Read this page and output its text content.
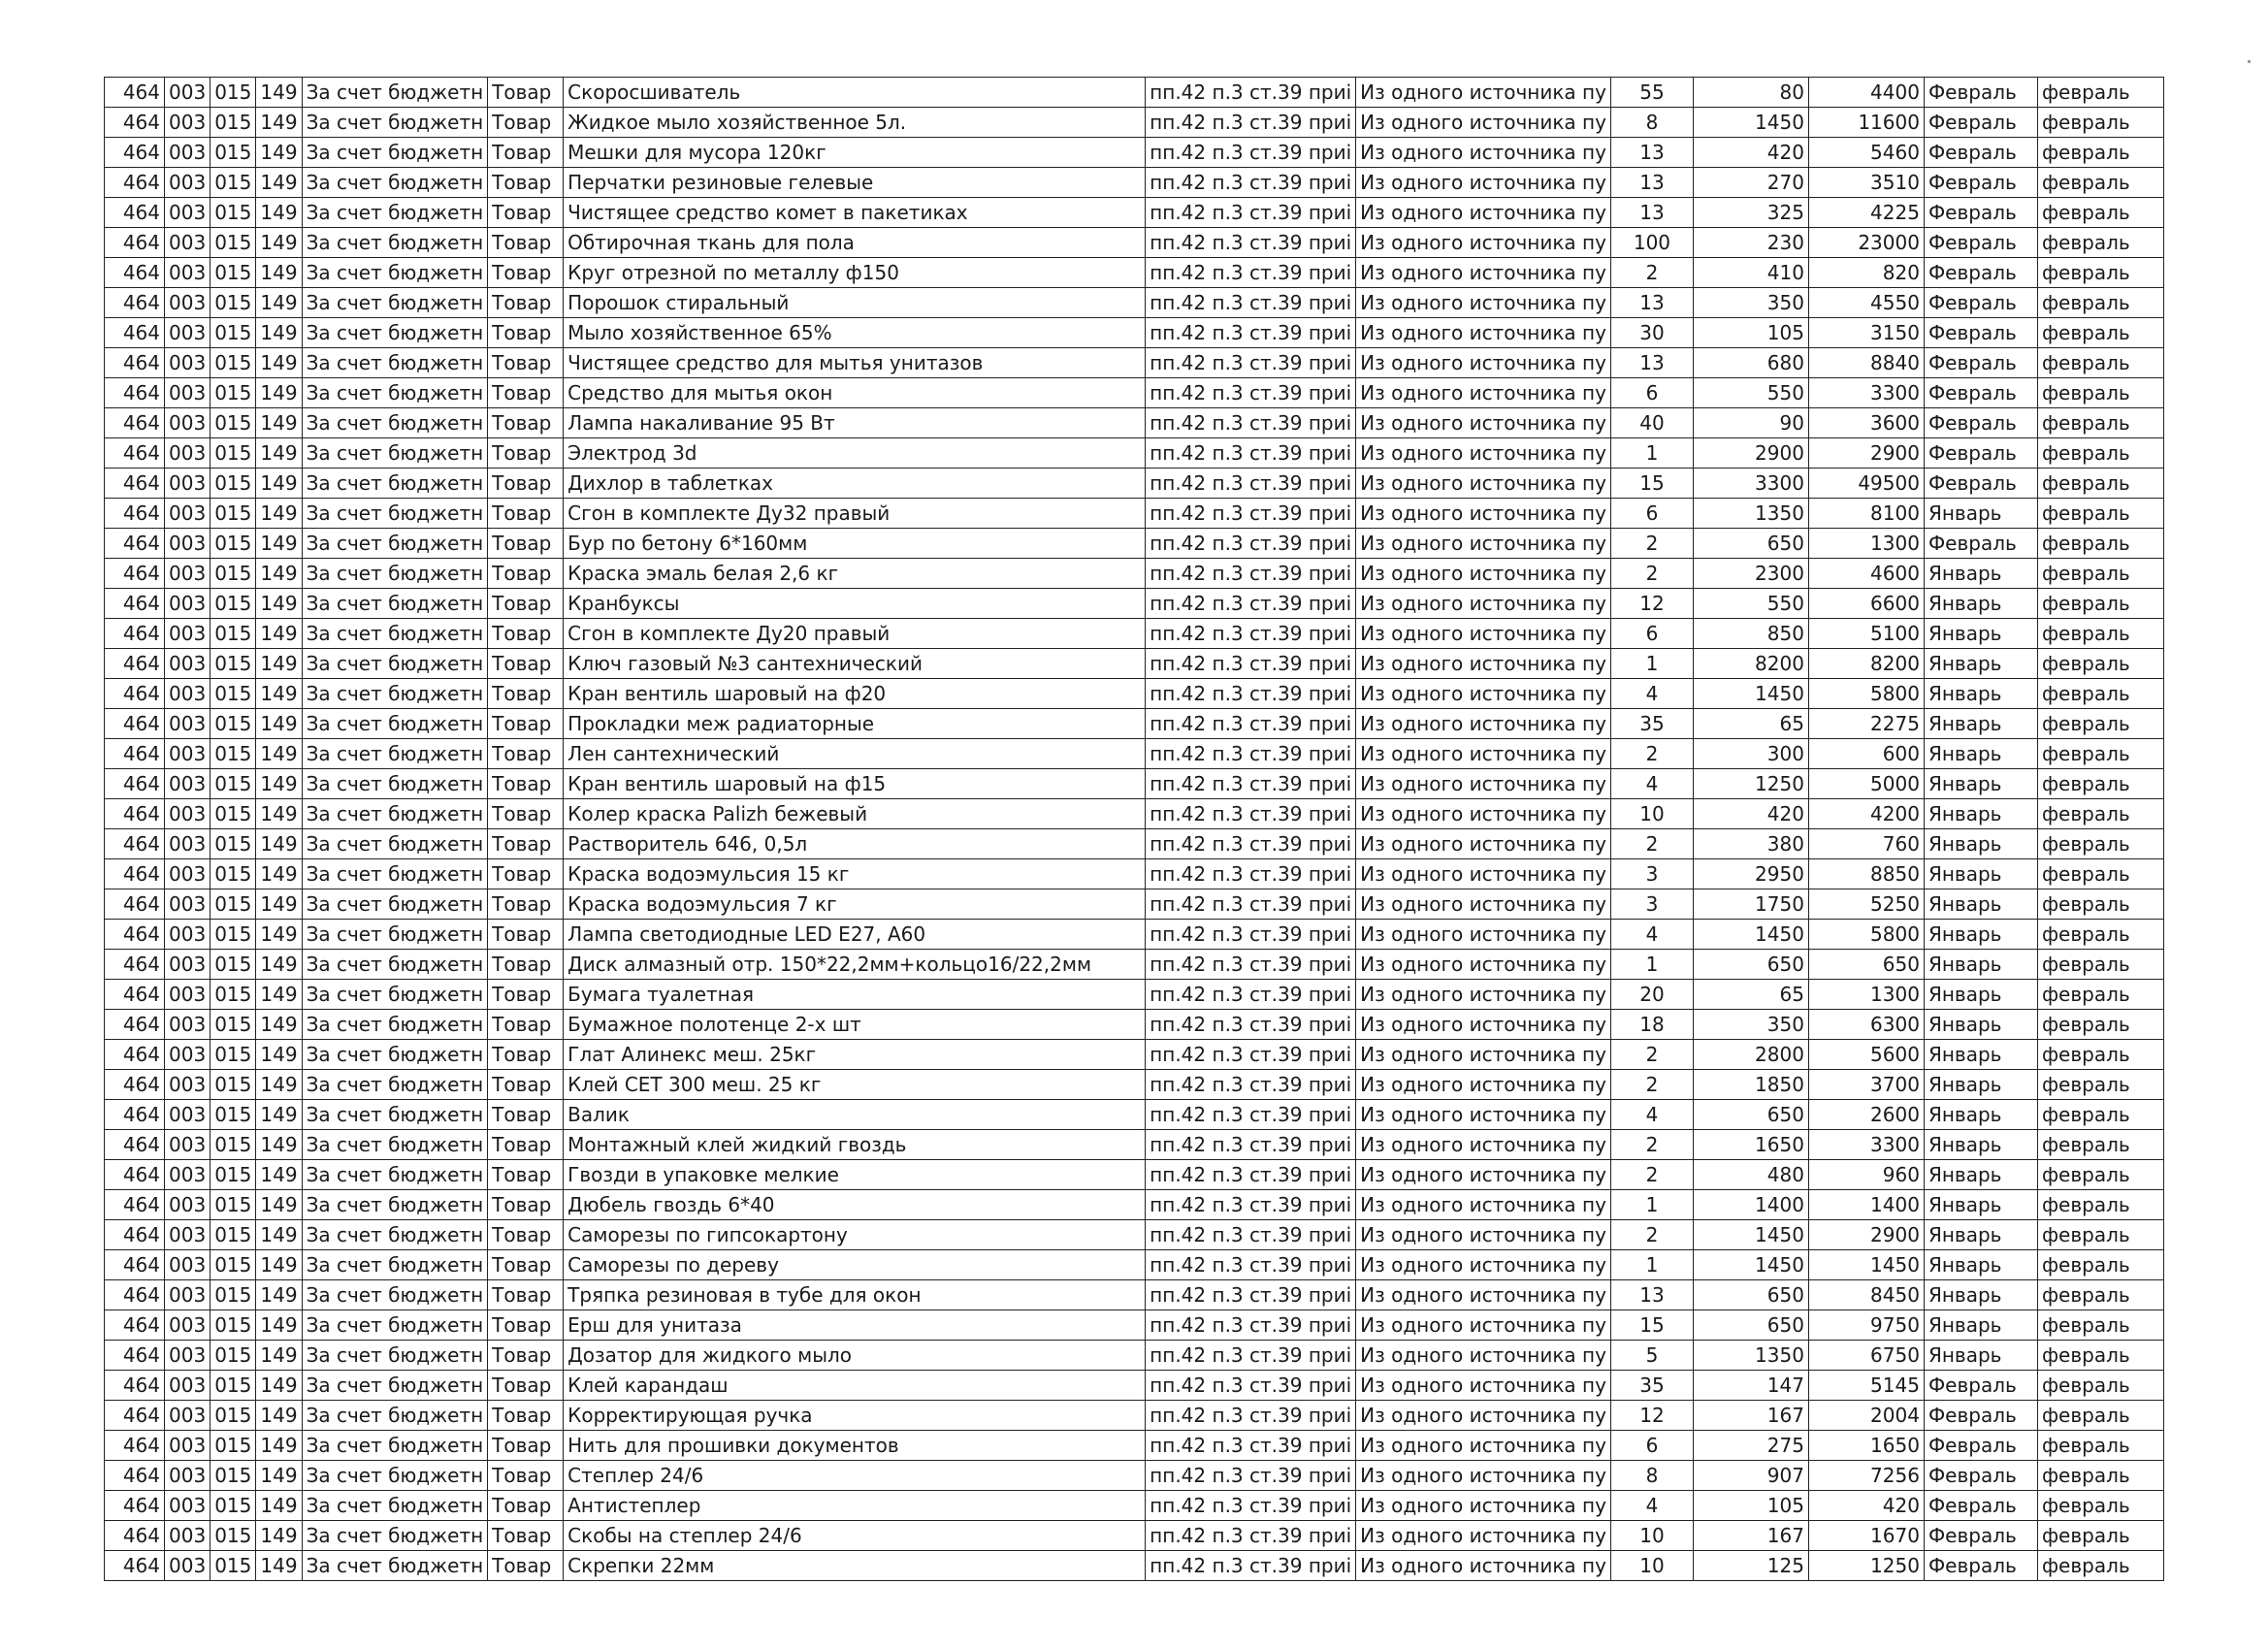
464	003	015	149	За счет бюджетн	Товар	Скоросшиватель	пп.42 п.3 ст.39 приі	Из одного источника пу	55	80	4400	Февраль	февраль
464	003	015	149	За счет бюджетн	Товар	Жидкое мыло хозяйственное 5л.	пп.42 п.3 ст.39 приі	Из одного источника пу	8	1450	11600	Февраль	февраль
464	003	015	149	За счет бюджетн	Товар	Мешки для мусора 120кг	пп.42 п.3 ст.39 приі	Из одного источника пу	13	420	5460	Февраль	февраль
464	003	015	149	За счет бюджетн	Товар	Перчатки резиновые гелевые	пп.42 п.3 ст.39 приі	Из одного источника пу	13	270	3510	Февраль	февраль
464	003	015	149	За счет бюджетн	Товар	Чистящее средство комет в пакетиках	пп.42 п.3 ст.39 приі	Из одного источника пу	13	325	4225	Февраль	февраль
464	003	015	149	За счет бюджетн	Товар	Обтирочная ткань для пола	пп.42 п.3 ст.39 приі	Из одного источника пу	100	230	23000	Февраль	февраль
464	003	015	149	За счет бюджетн	Товар	Круг отрезной по металлу ф150	пп.42 п.3 ст.39 приі	Из одного источника пу	2	410	820	Февраль	февраль
464	003	015	149	За счет бюджетн	Товар	Порошок стиральный	пп.42 п.3 ст.39 приі	Из одного источника пу	13	350	4550	Февраль	февраль
464	003	015	149	За счет бюджетн	Товар	Мыло хозяйственное 65%	пп.42 п.3 ст.39 приі	Из одного источника пу	30	105	3150	Февраль	февраль
464	003	015	149	За счет бюджетн	Товар	Чистящее средство для мытья унитазов	пп.42 п.3 ст.39 приі	Из одного источника пу	13	680	8840	Февраль	февраль
464	003	015	149	За счет бюджетн	Товар	Средство для мытья окон	пп.42 п.3 ст.39 приі	Из одного источника пу	6	550	3300	Февраль	февраль
464	003	015	149	За счет бюджетн	Товар	Лампа накаливание 95 Вт	пп.42 п.3 ст.39 приі	Из одного источника пу	40	90	3600	Февраль	февраль
464	003	015	149	За счет бюджетн	Товар	Электрод 3d	пп.42 п.3 ст.39 приі	Из одного источника пу	1	2900	2900	Февраль	февраль
464	003	015	149	За счет бюджетн	Товар	Дихлор в таблетках	пп.42 п.3 ст.39 приі	Из одного источника пу	15	3300	49500	Февраль	февраль
464	003	015	149	За счет бюджетн	Товар	Сгон в комплекте Ду32 правый	пп.42 п.3 ст.39 приі	Из одного источника пу	6	1350	8100	Январь	февраль
464	003	015	149	За счет бюджетн	Товар	Бур по бетону 6*160мм	пп.42 п.3 ст.39 приі	Из одного источника пу	2	650	1300	Февраль	февраль
464	003	015	149	За счет бюджетн	Товар	Краска эмаль белая 2,6 кг	пп.42 п.3 ст.39 приі	Из одного источника пу	2	2300	4600	Январь	февраль
464	003	015	149	За счет бюджетн	Товар	Кранбуксы	пп.42 п.3 ст.39 приі	Из одного источника пу	12	550	6600	Январь	февраль
464	003	015	149	За счет бюджетн	Товар	Сгон в комплекте Ду20 правый	пп.42 п.3 ст.39 приі	Из одного источника пу	6	850	5100	Январь	февраль
464	003	015	149	За счет бюджетн	Товар	Ключ газовый №3 сантехнический	пп.42 п.3 ст.39 приі	Из одного источника пу	1	8200	8200	Январь	февраль
464	003	015	149	За счет бюджетн	Товар	Кран вентиль шаровый на ф20	пп.42 п.3 ст.39 приі	Из одного источника пу	4	1450	5800	Январь	февраль
464	003	015	149	За счет бюджетн	Товар	Прокладки меж радиаторные	пп.42 п.3 ст.39 приі	Из одного источника пу	35	65	2275	Январь	февраль
464	003	015	149	За счет бюджетн	Товар	Лен сантехнический	пп.42 п.3 ст.39 приі	Из одного источника пу	2	300	600	Январь	февраль
464	003	015	149	За счет бюджетн	Товар	Кран вентиль шаровый на ф15	пп.42 п.3 ст.39 приі	Из одного источника пу	4	1250	5000	Январь	февраль
464	003	015	149	За счет бюджетн	Товар	Колер краска Palizh бежевый	пп.42 п.3 ст.39 приі	Из одного источника пу	10	420	4200	Январь	февраль
464	003	015	149	За счет бюджетн	Товар	Растворитель 646, 0,5л	пп.42 п.3 ст.39 приі	Из одного источника пу	2	380	760	Январь	февраль
464	003	015	149	За счет бюджетн	Товар	Краска водоэмульсия 15 кг	пп.42 п.3 ст.39 приі	Из одного источника пу	3	2950	8850	Январь	февраль
464	003	015	149	За счет бюджетн	Товар	Краска водоэмульсия 7 кг	пп.42 п.3 ст.39 приі	Из одного источника пу	3	1750	5250	Январь	февраль
464	003	015	149	За счет бюджетн	Товар	Лампа светодиодные LED E27, A60	пп.42 п.3 ст.39 приі	Из одного источника пу	4	1450	5800	Январь	февраль
464	003	015	149	За счет бюджетн	Товар	Диск алмазный отр. 150*22,2мм+кольцо16/22,2мм	пп.42 п.3 ст.39 приі	Из одного источника пу	1	650	650	Январь	февраль
464	003	015	149	За счет бюджетн	Товар	Бумага туалетная	пп.42 п.3 ст.39 приі	Из одного источника пу	20	65	1300	Январь	февраль
464	003	015	149	За счет бюджетн	Товар	Бумажное полотенце 2-х шт	пп.42 п.3 ст.39 приі	Из одного источника пу	18	350	6300	Январь	февраль
464	003	015	149	За счет бюджетн	Товар	Глат Алинекс меш. 25кг	пп.42 п.3 ст.39 приі	Из одного источника пу	2	2800	5600	Январь	февраль
464	003	015	149	За счет бюджетн	Товар	Клей СЕТ 300 меш. 25 кг	пп.42 п.3 ст.39 приі	Из одного источника пу	2	1850	3700	Январь	февраль
464	003	015	149	За счет бюджетн	Товар	Валик	пп.42 п.3 ст.39 приі	Из одного источника пу	4	650	2600	Январь	февраль
464	003	015	149	За счет бюджетн	Товар	Монтажный клей жидкий гвоздь	пп.42 п.3 ст.39 приі	Из одного источника пу	2	1650	3300	Январь	февраль
464	003	015	149	За счет бюджетн	Товар	Гвозди в упаковке мелкие	пп.42 п.3 ст.39 приі	Из одного источника пу	2	480	960	Январь	февраль
464	003	015	149	За счет бюджетн	Товар	Дюбель гвоздь 6*40	пп.42 п.3 ст.39 приі	Из одного источника пу	1	1400	1400	Январь	февраль
464	003	015	149	За счет бюджетн	Товар	Саморезы по гипсокартону	пп.42 п.3 ст.39 приі	Из одного источника пу	2	1450	2900	Январь	февраль
464	003	015	149	За счет бюджетн	Товар	Саморезы по дереву	пп.42 п.3 ст.39 приі	Из одного источника пу	1	1450	1450	Январь	февраль
464	003	015	149	За счет бюджетн	Товар	Тряпка резиновая в тубе для окон	пп.42 п.3 ст.39 приі	Из одного источника пу	13	650	8450	Январь	февраль
464	003	015	149	За счет бюджетн	Товар	Ерш для унитаза	пп.42 п.3 ст.39 приі	Из одного источника пу	15	650	9750	Январь	февраль
464	003	015	149	За счет бюджетн	Товар	Дозатор для жидкого мыло	пп.42 п.3 ст.39 приі	Из одного источника пу	5	1350	6750	Январь	февраль
464	003	015	149	За счет бюджетн	Товар	Клей карандаш	пп.42 п.3 ст.39 приі	Из одного источника пу	35	147	5145	Февраль	февраль
464	003	015	149	За счет бюджетн	Товар	Корректирующая ручка	пп.42 п.3 ст.39 приі	Из одного источника пу	12	167	2004	Февраль	февраль
464	003	015	149	За счет бюджетн	Товар	Нить для прошивки документов	пп.42 п.3 ст.39 приі	Из одного источника пу	6	275	1650	Февраль	февраль
464	003	015	149	За счет бюджетн	Товар	Степлер 24/6	пп.42 п.3 ст.39 приі	Из одного источника пу	8	907	7256	Февраль	февраль
464	003	015	149	За счет бюджетн	Товар	Антистеплер	пп.42 п.3 ст.39 приі	Из одного источника пу	4	105	420	Февраль	февраль
464	003	015	149	За счет бюджетн	Товар	Скобы на степлер 24/6	пп.42 п.3 ст.39 приі	Из одного источника пу	10	167	1670	Февраль	февраль
464	003	015	149	За счет бюджетн	Товар	Скрепки 22мм	пп.42 п.3 ст.39 приі	Из одного источника пу	10	125	1250	Февраль	февраль
